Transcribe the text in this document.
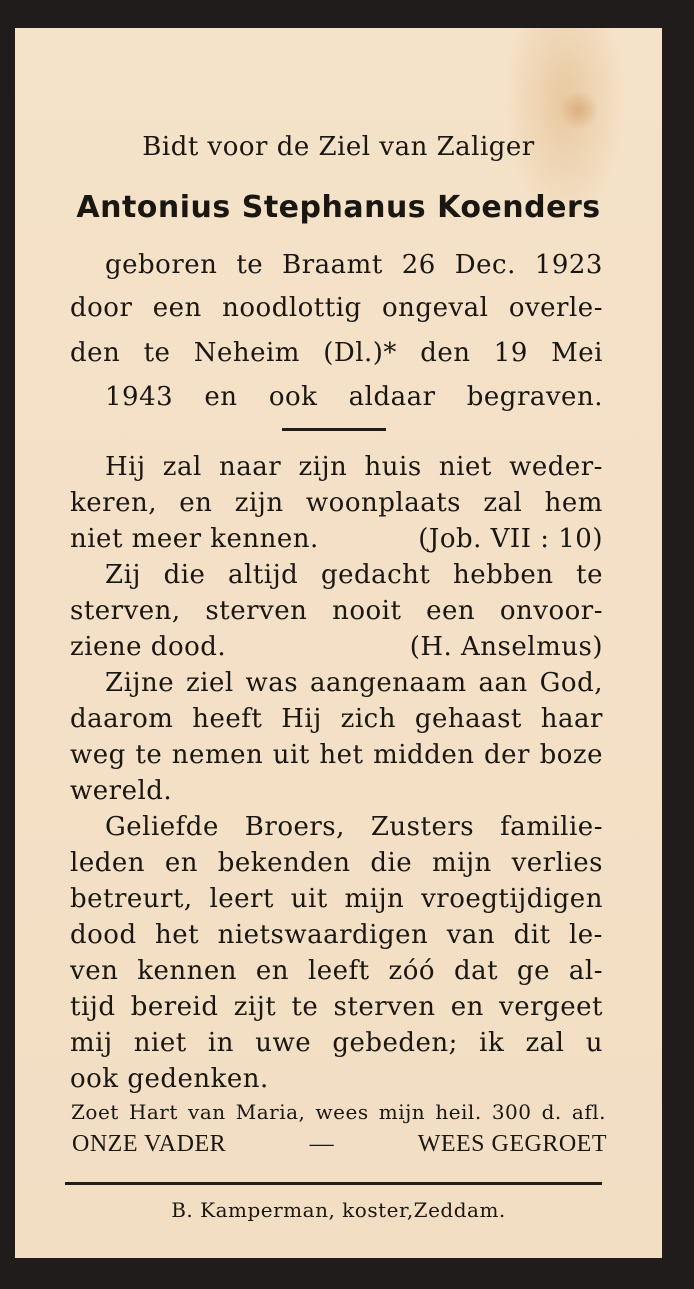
Bidt voor de Ziel van Zaliger
Antonius Stephanus Koenders
geboren te Braamt 26 Dec. 1923
door een noodlottig ongeval overle-
den te Neheim (Dl.)* den 19 Mei
1943 en ook aldaar begraven.
Hij zal naar zijn huis niet weder-
keren, en zijn woonplaats zal hem
niet meer kennen.	(Job. VII : 10)
Zij die altijd gedacht hebben te
sterven, sterven nooit een onvoor-
ziene dood.	(H. Anselmus)
Zijne ziel was aangenaam aan God,
daarom heeft Hij zich gehaast haar
weg te nemen uit het midden der boze
wereld.
Geliefde Broers, Zusters familie-
leden en bekenden die mijn verlies
betreurt, leert uit mijn vroegtijdigen
dood het nietswaardigen van dit le-
ven kennen en leeft zóó dat ge al-
tijd bereid zijt te sterven en vergeet
mij niet in uwe gebeden; ik zal u
ook gedenken.
Zoet Hart van Maria, wees mijn heil. 300 d. afl.
ONZE VADER	—	WEES GEGROET
B. Kamperman, koster,Zeddam.
